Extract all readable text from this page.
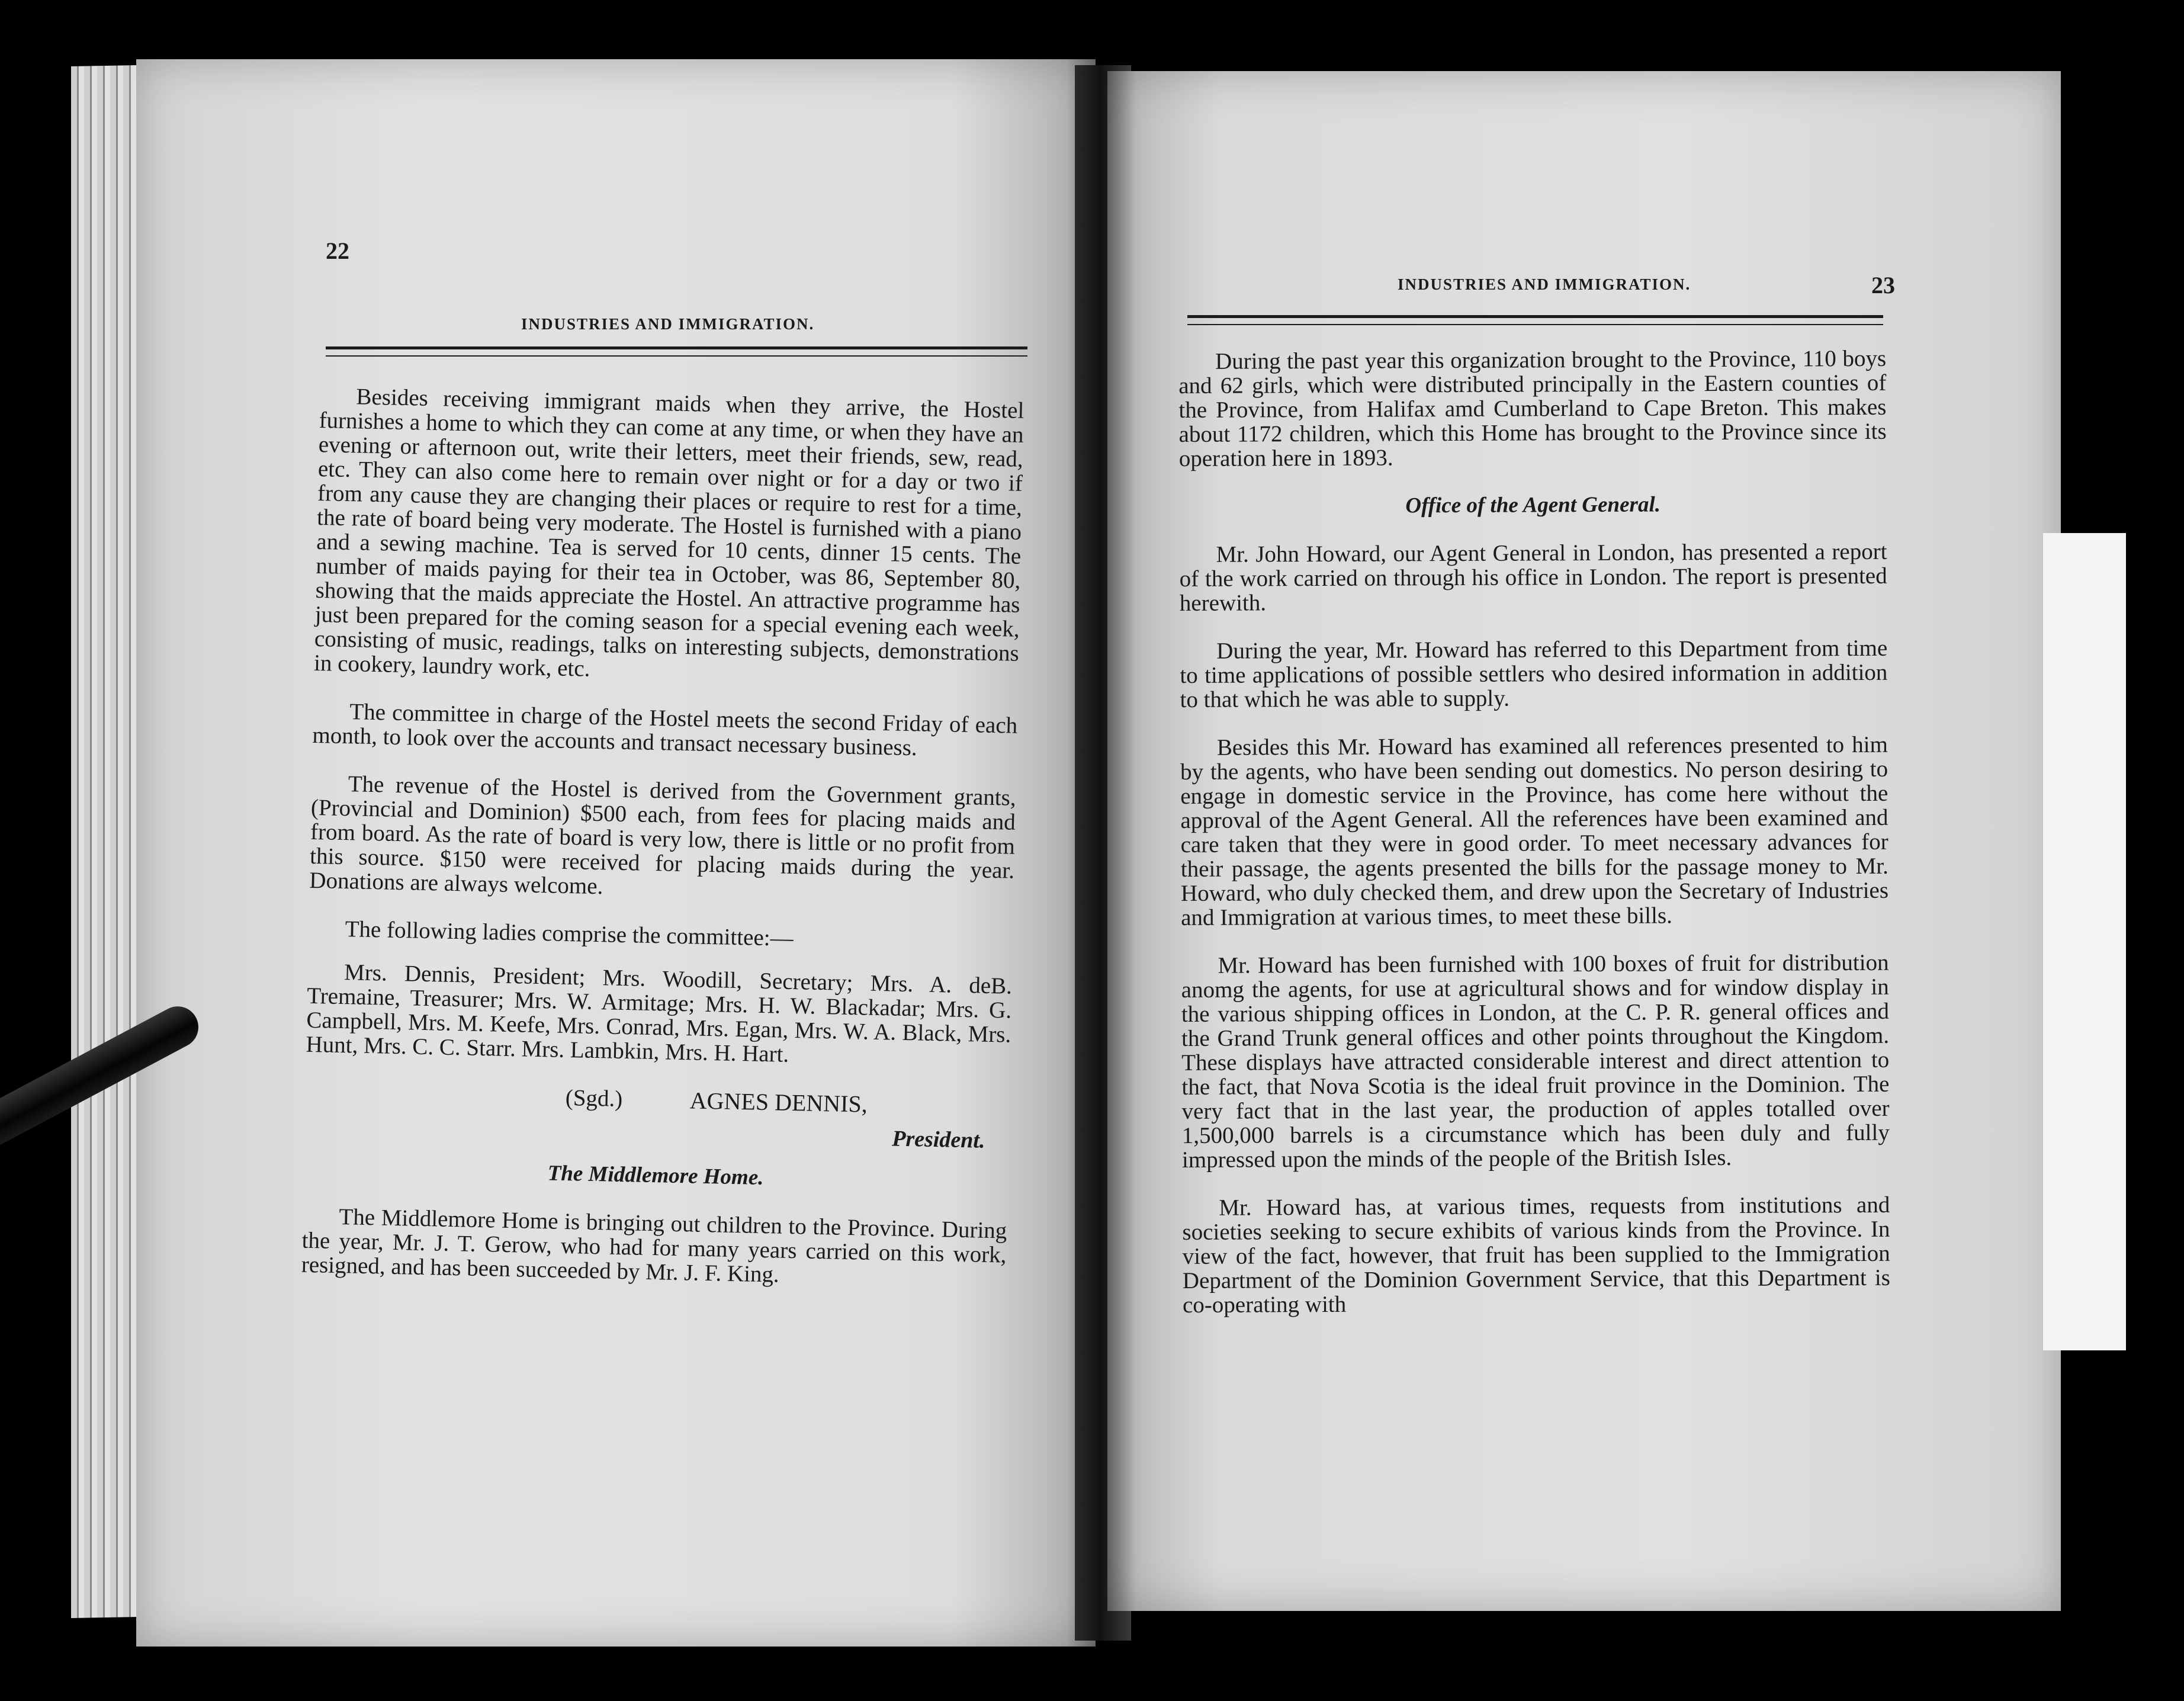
22
INDUSTRIES AND IMMIGRATION.

Besides receiving immigrant maids when they arrive, the Hostel furnishes a home to which they can come at any time, or when they have an evening or afternoon out, write their letters, meet their friends, sew, read, etc. They can also come here to remain over night or for a day or two if from any cause they are changing their places or require to rest for a time, the rate of board being very moderate. The Hostel is furnished with a piano and a sewing machine. Tea is served for 10 cents, dinner 15 cents. The number of maids paying for their tea in October, was 86, September 80, showing that the maids appreciate the Hostel. An attractive programme has just been prepared for the coming season for a special evening each week, consisting of music, readings, talks on interesting subjects, demonstrations in cookery, laundry work, etc.

The committee in charge of the Hostel meets the second Friday of each month, to look over the accounts and transact necessary business.

The revenue of the Hostel is derived from the Government grants, (Provincial and Dominion) $500 each, from fees for placing maids and from board. As the rate of board is very low, there is little or no profit from this source. $150 were received for placing maids during the year. Donations are always welcome.

The following ladies comprise the committee:—

Mrs. Dennis, President; Mrs. Woodill, Secretary; Mrs. A. deB. Tremaine, Treasurer; Mrs. W. Armitage; Mrs. H. W. Blackadar; Mrs. G. Campbell, Mrs. M. Keefe, Mrs. Conrad, Mrs. Egan, Mrs. W. A. Black, Mrs. Hunt, Mrs. C. C. Starr. Mrs. Lambkin, Mrs. H. Hart.

(Sgd.)	AGNES DENNIS,
President.
The Middlemore Home.

The Middlemore Home is bringing out children to the Province. During the year, Mr. J. T. Gerow, who had for many years carried on this work, resigned, and has been succeeded by Mr. J. F. King.

INDUSTRIES AND IMMIGRATION.	23

During the past year this organization brought to the Province, 110 boys and 62 girls, which were distributed principally in the Eastern counties of the Province, from Halifax amd Cumberland to Cape Breton. This makes about 1172 children, which this Home has brought to the Province since its operation here in 1893.

Office of the Agent General.

Mr. John Howard, our Agent General in London, has presented a report of the work carried on through his office in London. The report is presented herewith.

During the year, Mr. Howard has referred to this Department from time to time applications of possible settlers who desired information in addition to that which he was able to supply.

Besides this Mr. Howard has examined all references presented to him by the agents, who have been sending out domestics. No person desiring to engage in domestic service in the Province, has come here without the approval of the Agent General. All the references have been examined and care taken that they were in good order. To meet necessary advances for their passage, the agents presented the bills for the passage money to Mr. Howard, who duly checked them, and drew upon the Secretary of Industries and Immigration at various times, to meet these bills.

Mr. Howard has been furnished with 100 boxes of fruit for distribution anomg the agents, for use at agricultural shows and for window display in the various shipping offices in London, at the C. P. R. general offices and the Grand Trunk general offices and other points throughout the Kingdom. These displays have attracted considerable interest and direct attention to the fact, that Nova Scotia is the ideal fruit province in the Dominion. The very fact that in the last year, the production of apples totalled over 1,500,000 barrels is a circumstance which has been duly and fully impressed upon the minds of the people of the British Isles.

Mr. Howard has, at various times, requests from institutions and societies seeking to secure exhibits of various kinds from the Province. In view of the fact, however, that fruit has been supplied to the Immigration Department of the Dominion Government Service, that this Department is co-operating with
